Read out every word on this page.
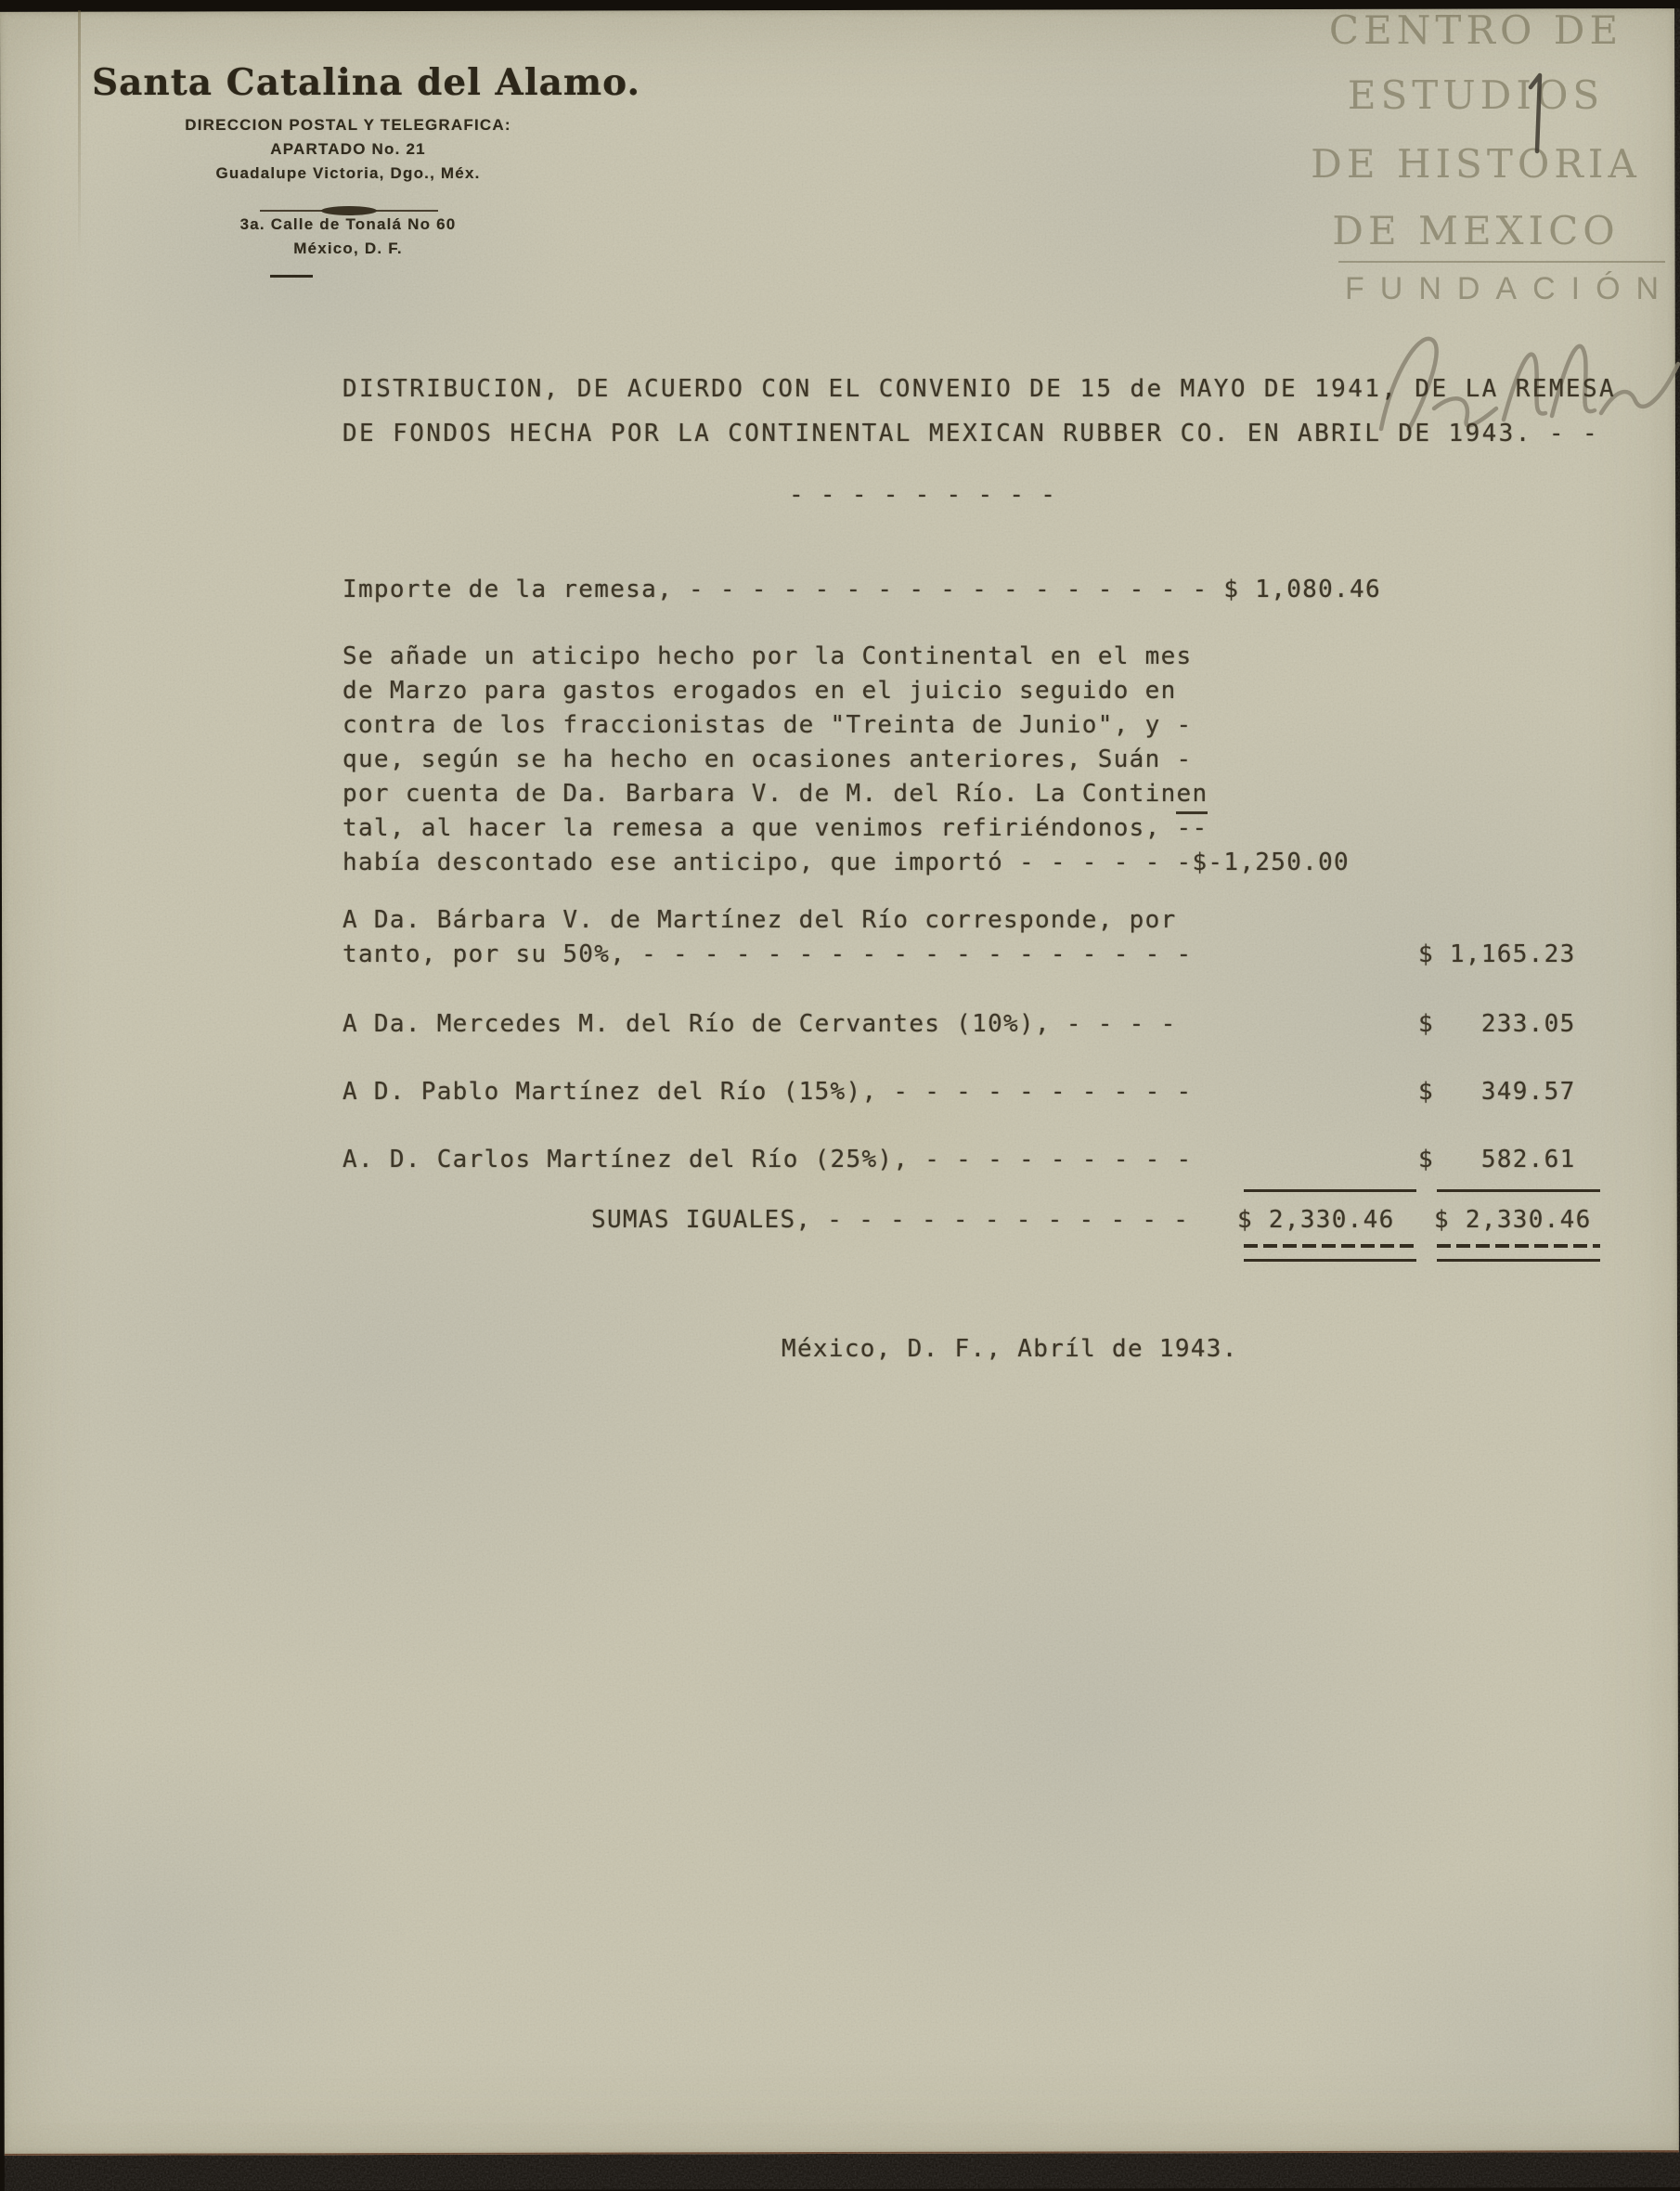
Santa Catalina del Alamo.
DIRECCION POSTAL Y TELEGRAFICA:
APARTADO No. 21
Guadalupe Victoria, Dgo., Méx.

3a. Calle de Tonalá No 60
México, D. F.
CENTRO DE
ESTUDIOS
DE HISTORIA
DE MEXICO
FUNDACIÓN
DISTRIBUCION, DE ACUERDO CON EL CONVENIO DE 15 de MAYO DE 1941, DE LA REMESA
DE FONDOS HECHA POR LA CONTINENTAL MEXICAN RUBBER CO. EN ABRIL DE 1943. - -
- - - - - - - - -
Importe de la remesa, - - - - - - - - - - - - - - - - - $ 1,080.46
Se añade un aticipo hecho por la Continental en el mes
de Marzo para gastos erogados en el juicio seguido en
contra de los fraccionistas de "Treinta de Junio", y -
que, según se ha hecho en ocasiones anteriores, Suán -
por cuenta de Da. Barbara V. de M. del Río. La Continen
tal, al hacer la remesa a que venimos refiriéndonos, --
había descontado ese anticipo, que importó - - - - - -$-1,250.00
A Da. Bárbara V. de Martínez del Río corresponde, por
tanto, por su 50%, - - - - - - - - - - - - - - - - - -	$ 1,165.23
A Da. Mercedes M. del Río de Cervantes (10%), - - - -	$   233.05
A D. Pablo Martínez del Río (15%), - - - - - - - - - -	$   349.57
A. D. Carlos Martínez del Río (25%), - - - - - - - - -	$   582.61
SUMAS IGUALES, - - - - - - - - - - - - $ 2,330.46 $ 2,330.46
México, D. F., Abríl de 1943.
